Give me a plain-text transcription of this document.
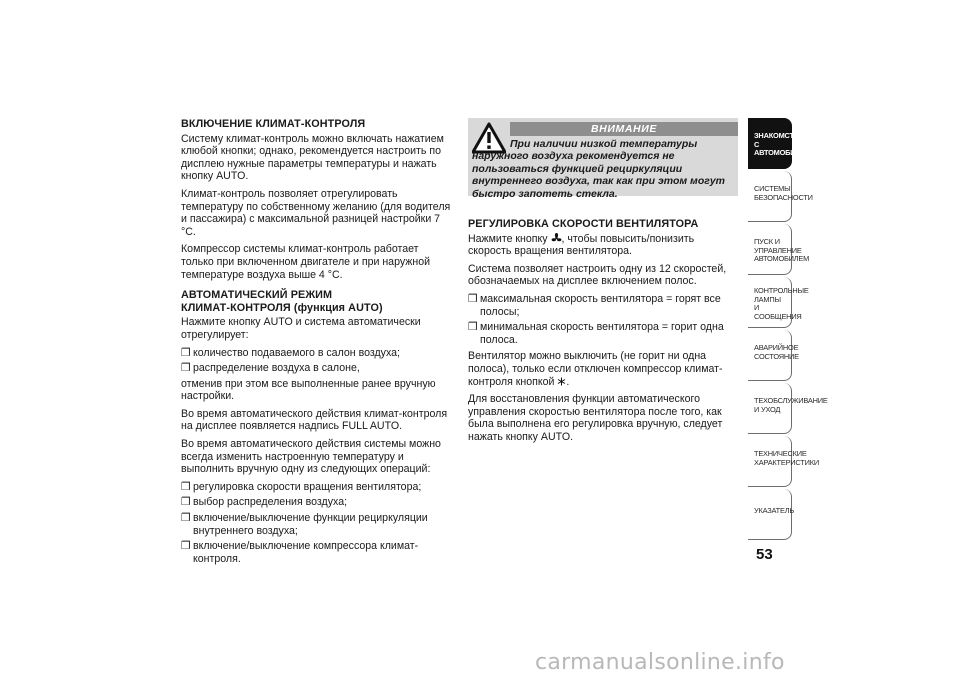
ВКЛЮЧЕНИЕ КЛИМАТ-КОНТРОЛЯ

Систему климат-контроль можно включать нажатием клюбой кнопки; однако, рекомендуется настроить по дисплею нужные параметры температуры и нажать кнопку AUTO.

Климат-контроль позволяет отрегулировать температуру по собственному желанию (для водителя и пассажира) с максимальной разницей настройки 7 °C.

Компрессор системы климат-контроль работает только при включенном двигателе и при наружной температуре воздуха выше 4 °C.

АВТОМАТИЧЕСКИЙ РЕЖИМ
КЛИМАТ-КОНТРОЛЯ (функция AUTO)

Нажмите кнопку AUTO и система автоматически отрегулирует:

❒ количество подаваемого в салон воздуха;
❒ распределение воздуха в салоне,

отменив при этом все выполненные ранее вручную настройки.

Во время автоматического действия климат-контроля на дисплее появляется надпись FULL AUTO.

Во время автоматического действия системы можно всегда изменить настроенную температуру и выполнить вручную одну из следующих операций:

❒ регулировка скорости вращения вентилятора;
❒ выбор распределения воздуха;
❒ включение/выключение функции рециркуляции внутреннего воздуха;
❒ включение/выключение компрессора климат-контроля.
ВНИМАНИЕ
При наличии низкой температуры наружного воздуха рекомендуется не пользоваться функцией рециркуляции внутреннего воздуха, так как при этом могут быстро запотеть стекла.
РЕГУЛИРОВКА СКОРОСТИ ВЕНТИЛЯТОРА

Нажмите кнопку , чтобы повысить/понизить скорость вращения вентилятора.

Система позволяет настроить одну из 12 скоростей, обозначаемых на дисплее включением полос.

❒ максимальная скорость вентилятора = горят все полосы;
❒ минимальная скорость вентилятора = горит одна полоса.

Вентилятор можно выключить (не горит ни одна полоса), только если отключен компрессор климат-контроля кнопкой .

Для восстановления функции автоматического управления скоростью вентилятора после того, как была выполнена его регулировка вручную, следует нажать кнопку AUTO.

ЗНАКОМСТВО С
АВТОМОБИЛЕМ
СИСТЕМЫ
БЕЗОПАСНОСТИ
ПУСК И УПРАВЛЕНИЕ
АВТОМОБИЛЕМ
КОНТРОЛЬНЫЕ
ЛАМПЫ
И СООБЩЕНИЯ
АВАРИЙНОЕ
СОСТОЯНИЕ
ТЕХОБСЛУЖИВАНИЕ
И УХОД
ТЕХНИЧЕСКИЕ
ХАРАКТЕРИСТИКИ
УКАЗАТЕЛЬ
53
carmanualsonline.info
